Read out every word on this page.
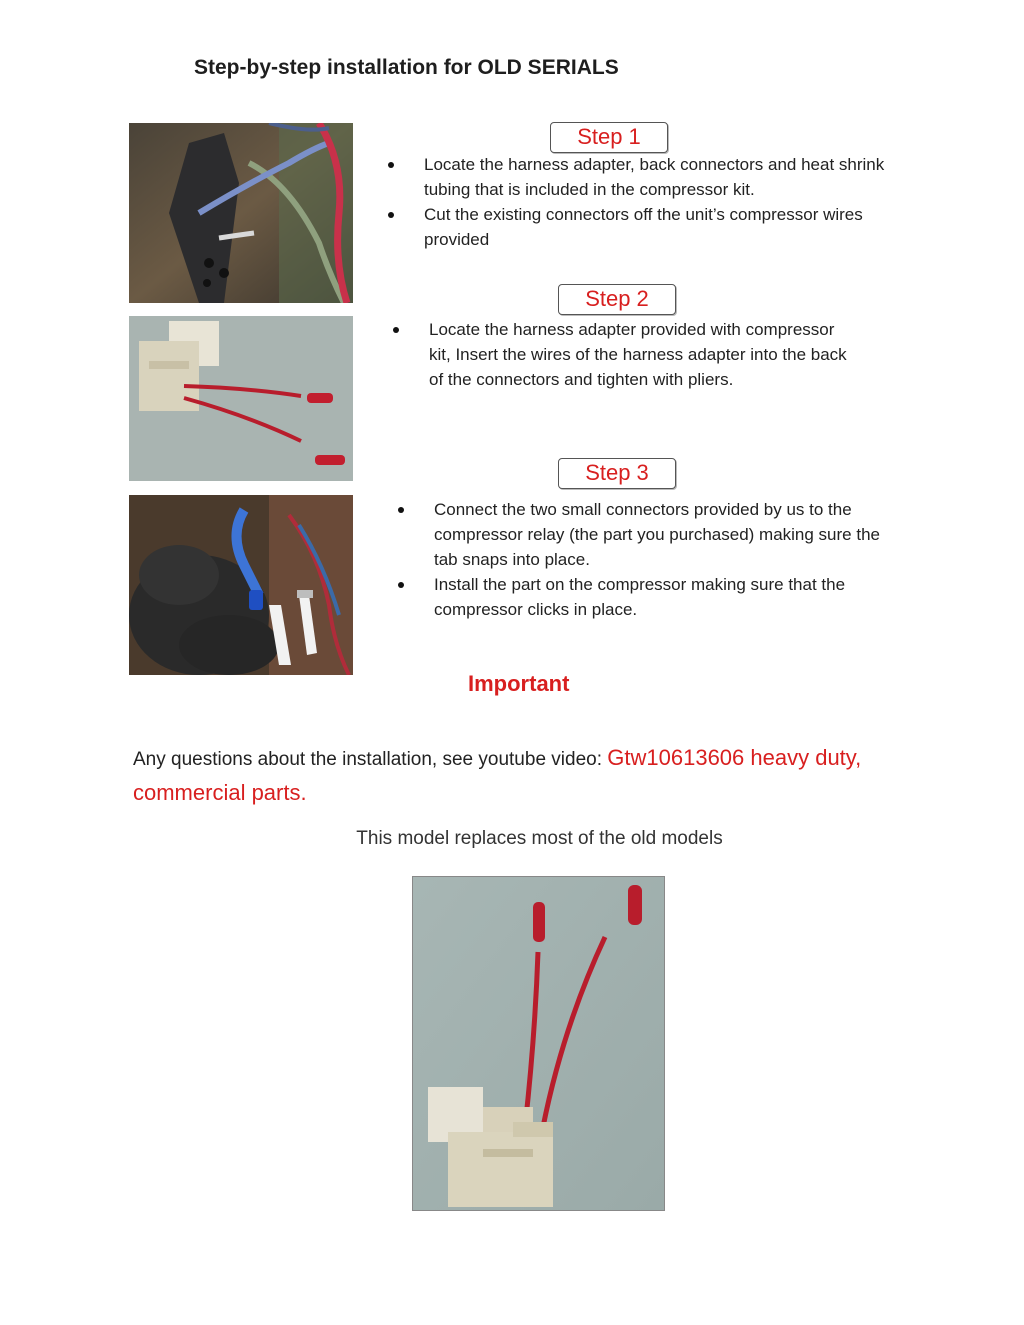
Step-by-step installation for OLD SERIALS
Step 1
Locate the harness adapter, back connectors and heat shrink tubing that is included in the compressor kit.
Cut the existing connectors off the unit’s compressor wires provided
Step 2
Locate the harness adapter provided with compressor kit, Insert the wires of the harness adapter into the back of the connectors and tighten with pliers.
Step 3
Connect the two small connectors provided by us to the compressor relay (the part you purchased) making sure the tab snaps into place.
Install the part on the compressor making sure that the compressor clicks in place.
Important
Any questions about the installation, see youtube video: Gtw10613606 heavy duty, commercial parts.
This model replaces most of the old models
